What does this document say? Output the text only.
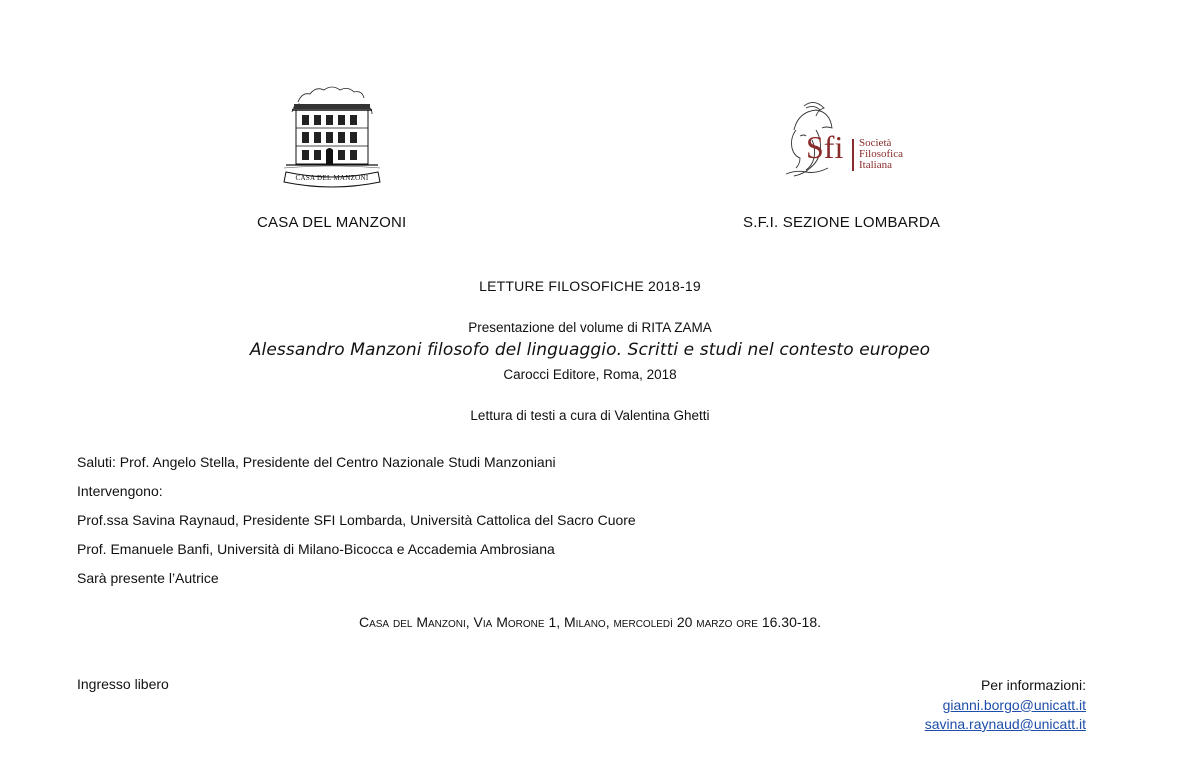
CASA DEL MANZONI
Sfi Società
Filosofica
Italiana
CASA DEL MANZONI	S.F.I. SEZIONE LOMBARDA
LETTURE FILOSOFICHE 2018-19
Presentazione del volume di RITA ZAMA
Alessandro Manzoni filosofo del linguaggio. Scritti e studi nel contesto europeo
Carocci Editore, Roma, 2018
Lettura di testi a cura di Valentina Ghetti
Saluti: Prof. Angelo Stella, Presidente del Centro Nazionale Studi Manzoniani
Intervengono:
Prof.ssa Savina Raynaud, Presidente SFI Lombarda, Università Cattolica del Sacro Cuore
Prof. Emanuele Banfi, Università di Milano-Bicocca e Accademia Ambrosiana
Sarà presente l’Autrice
Casa del Manzoni, Via Morone 1, Milano, mercoledì 20 marzo ore 16.30-18.
Ingresso libero	Per informazioni:
gianni.borgo@unicatt.it
savina.raynaud@unicatt.it
